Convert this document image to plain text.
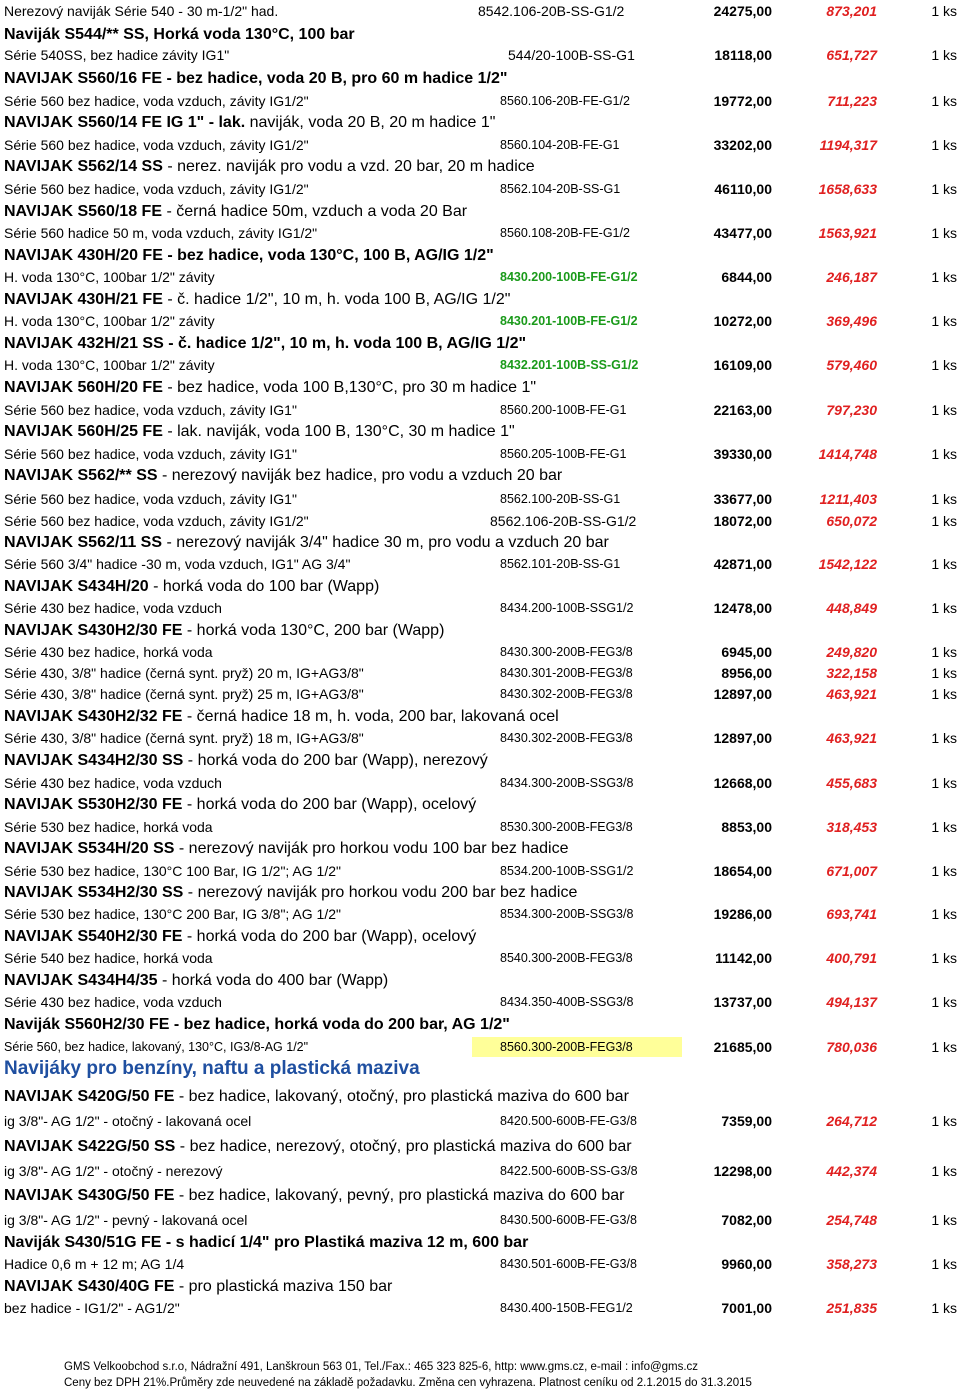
Nerezový naviják Série 540 - 30 m-1/2" had.	8542.106-20B-SS-G1/2	24275,00	873,201	1 ks
Naviják S544/** SS, Horká voda 130°C, 100 bar
Série 540SS, bez hadice závity IG1"	544/20-100B-SS-G1	18118,00	651,727	1 ks
NAVIJAK S560/16 FE - bez hadice, voda 20 B, pro 60 m hadice 1/2"
Série 560 bez hadice, voda vzduch, závity IG1/2"	8560.106-20B-FE-G1/2	19772,00	711,223	1 ks
NAVIJAK S560/14 FE IG 1" - lak. naviják, voda 20 B, 20 m hadice 1"
Série 560 bez hadice, voda vzduch, závity IG1/2"	8560.104-20B-FE-G1	33202,00	1194,317	1 ks
NAVIJAK S562/14 SS - nerez. naviják pro vodu a vzd. 20 bar, 20 m hadice
Série 560 bez hadice, voda vzduch, závity IG1/2"	8562.104-20B-SS-G1	46110,00	1658,633	1 ks
NAVIJAK S560/18 FE - černá hadice 50m, vzduch a voda 20 Bar
Série 560 hadice 50 m, voda vzduch, závity IG1/2"	8560.108-20B-FE-G1/2	43477,00	1563,921	1 ks
NAVIJAK 430H/20 FE - bez hadice, voda 130°C, 100 B, AG/IG 1/2"
H. voda 130°C, 100bar 1/2" závity	8430.200-100B-FE-G1/2	6844,00	246,187	1 ks
NAVIJAK 430H/21 FE - č. hadice 1/2", 10 m, h. voda 100 B, AG/IG 1/2"
H. voda 130°C, 100bar 1/2" závity	8430.201-100B-FE-G1/2	10272,00	369,496	1 ks
NAVIJAK 432H/21 SS - č. hadice 1/2", 10 m, h. voda 100 B, AG/IG 1/2"
H. voda 130°C, 100bar 1/2" závity	8432.201-100B-SS-G1/2	16109,00	579,460	1 ks
NAVIJAK 560H/20 FE - bez hadice, voda 100 B,130°C, pro 30 m hadice 1"
Série 560 bez hadice, voda vzduch, závity IG1"	8560.200-100B-FE-G1	22163,00	797,230	1 ks
NAVIJAK 560H/25 FE - lak. naviják, voda 100 B, 130°C, 30 m hadice 1"
Série 560 bez hadice, voda vzduch, závity IG1"	8560.205-100B-FE-G1	39330,00	1414,748	1 ks
NAVIJAK S562/** SS - nerezový naviják bez hadice, pro vodu a vzduch 20 bar
Série 560 bez hadice, voda vzduch, závity IG1"	8562.100-20B-SS-G1	33677,00	1211,403	1 ks
Série 560 bez hadice, voda vzduch, závity IG1/2"	8562.106-20B-SS-G1/2	18072,00	650,072	1 ks
NAVIJAK S562/11 SS - nerezový naviják 3/4" hadice 30 m, pro vodu a vzduch 20 bar
Série 560 3/4" hadice -30 m, voda vzduch, IG1" AG 3/4"	8562.101-20B-SS-G1	42871,00	1542,122	1 ks
NAVIJAK S434H/20 - horká voda do 100 bar (Wapp)
Série 430 bez hadice, voda vzduch	8434.200-100B-SSG1/2	12478,00	448,849	1 ks
NAVIJAK S430H2/30 FE - horká voda 130°C, 200 bar (Wapp)
Série 430 bez hadice, horká voda	8430.300-200B-FEG3/8	6945,00	249,820	1 ks
Série 430, 3/8" hadice (černá synt. pryž) 20 m, IG+AG3/8"	8430.301-200B-FEG3/8	8956,00	322,158	1 ks
Série 430, 3/8" hadice (černá synt. pryž) 25 m, IG+AG3/8"	8430.302-200B-FEG3/8	12897,00	463,921	1 ks
NAVIJAK S430H2/32 FE - černá hadice 18 m, h. voda, 200 bar, lakovaná ocel
Série 430, 3/8" hadice (černá synt. pryž) 18 m, IG+AG3/8"	8430.302-200B-FEG3/8	12897,00	463,921	1 ks
NAVIJAK S434H2/30 SS - horká voda do 200 bar (Wapp), nerezový
Série 430 bez hadice, voda vzduch	8434.300-200B-SSG3/8	12668,00	455,683	1 ks
NAVIJAK S530H2/30 FE - horká voda do 200 bar (Wapp), ocelový
Série 530 bez hadice, horká voda	8530.300-200B-FEG3/8	8853,00	318,453	1 ks
NAVIJAK S534H/20 SS - nerezový naviják pro horkou vodu 100 bar bez hadice
Série 530 bez hadice, 130°C 100 Bar, IG 1/2"; AG 1/2"	8534.200-100B-SSG1/2	18654,00	671,007	1 ks
NAVIJAK S534H2/30 SS - nerezový naviják pro horkou vodu 200 bar bez hadice
Série 530 bez hadice, 130°C 200 Bar, IG 3/8"; AG 1/2"	8534.300-200B-SSG3/8	19286,00	693,741	1 ks
NAVIJAK S540H2/30 FE - horká voda do 200 bar (Wapp), ocelový
Série 540 bez hadice, horká voda	8540.300-200B-FEG3/8	11142,00	400,791	1 ks
NAVIJAK S434H4/35 - horká voda do 400 bar (Wapp)
Série 430 bez hadice, voda vzduch	8434.350-400B-SSG3/8	13737,00	494,137	1 ks
Naviják S560H2/30 FE - bez hadice, horká voda do 200 bar, AG 1/2"
Série 560, bez hadice, lakovaný, 130°C, IG3/8-AG 1/2"	8560.300-200B-FEG3/8	21685,00	780,036	1 ks
Navijáky pro benzíny, naftu a plastická maziva
NAVIJAK S420G/50 FE - bez hadice, lakovaný, otočný, pro plastická maziva do 600 bar
ig 3/8"- AG 1/2" - otočný - lakovaná ocel	8420.500-600B-FE-G3/8	7359,00	264,712	1 ks
NAVIJAK S422G/50 SS - bez hadice, nerezový, otočný, pro plastická maziva do 600 bar
ig 3/8"- AG 1/2" - otočný - nerezový	8422.500-600B-SS-G3/8	12298,00	442,374	1 ks
NAVIJAK S430G/50 FE - bez hadice, lakovaný, pevný, pro plastická maziva do 600 bar
ig 3/8"- AG 1/2" - pevný - lakovaná ocel	8430.500-600B-FE-G3/8	7082,00	254,748	1 ks
Naviják S430/51G FE - s hadicí 1/4" pro Plastiká maziva 12 m, 600 bar
Hadice 0,6 m + 12 m; AG 1/4	8430.501-600B-FE-G3/8	9960,00	358,273	1 ks
NAVIJAK S430/40G FE - pro plastická maziva 150 bar
bez hadice - IG1/2" - AG1/2"	8430.400-150B-FEG1/2	7001,00	251,835	1 ks
GMS Velkoobchod s.r.o, Nádražní 491, Lanškroun 563 01, Tel./Fax.: 465 323 825-6, http: www.gms.cz, e-mail : info@gms.cz
Ceny bez DPH 21%.Průměry zde neuvedené na základě požadavku. Změna cen vyhrazena. Platnost ceníku od 2.1.2015 do 31.3.2015
